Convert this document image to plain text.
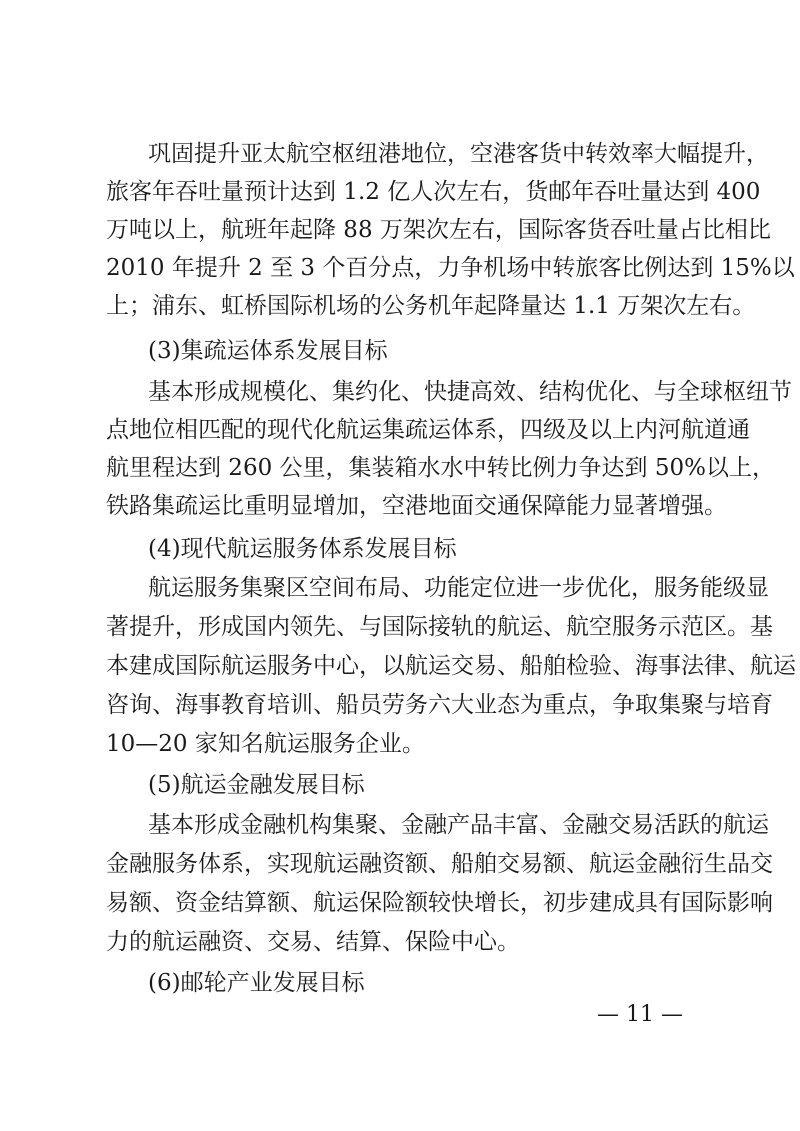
巩固提升亚太航空枢纽港地位，空港客货中转效率大幅提升，
旅客年吞吐量预计达到 1.2 亿人次左右，货邮年吞吐量达到 400
万吨以上，航班年起降 88 万架次左右，国际客货吞吐量占比相比
2010 年提升 2 至 3 个百分点，力争机场中转旅客比例达到 15%以
上；浦东、虹桥国际机场的公务机年起降量达 1.1 万架次左右。
(3)集疏运体系发展目标
基本形成规模化、集约化、快捷高效、结构优化、与全球枢纽节
点地位相匹配的现代化航运集疏运体系，四级及以上内河航道通
航里程达到 260 公里，集装箱水水中转比例力争达到 50%以上，
铁路集疏运比重明显增加，空港地面交通保障能力显著增强。
(4)现代航运服务体系发展目标
航运服务集聚区空间布局、功能定位进一步优化，服务能级显
著提升，形成国内领先、与国际接轨的航运、航空服务示范区。基
本建成国际航运服务中心，以航运交易、船舶检验、海事法律、航运
咨询、海事教育培训、船员劳务六大业态为重点，争取集聚与培育
10—20 家知名航运服务企业。
(5)航运金融发展目标
基本形成金融机构集聚、金融产品丰富、金融交易活跃的航运
金融服务体系，实现航运融资额、船舶交易额、航运金融衍生品交
易额、资金结算额、航运保险额较快增长，初步建成具有国际影响
力的航运融资、交易、结算、保险中心。
(6)邮轮产业发展目标
— 11 —
